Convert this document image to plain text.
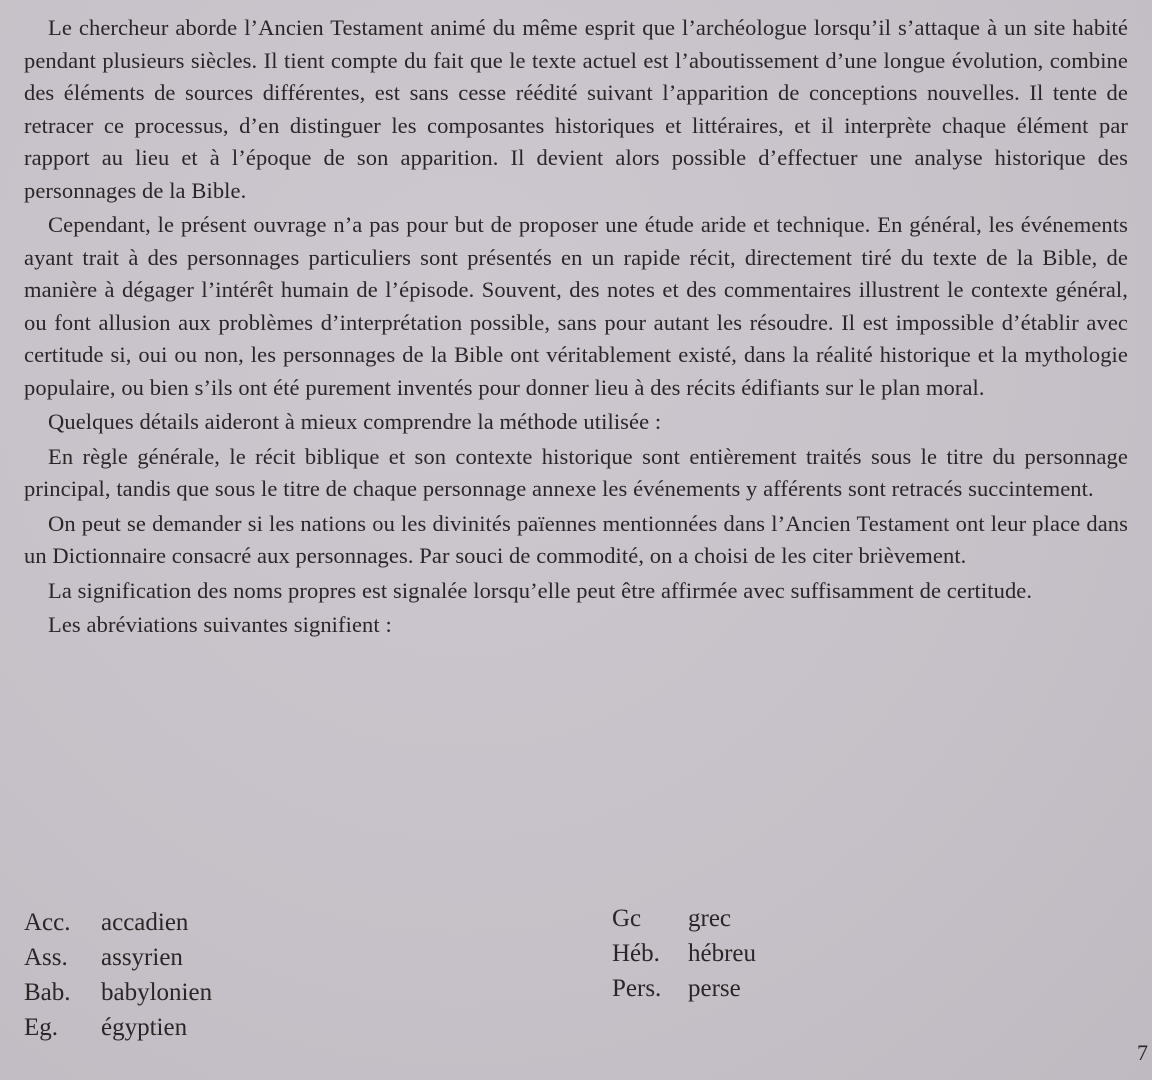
Le chercheur aborde l’Ancien Testament animé du même esprit que l’archéologue lorsqu’il s’attaque à un site habité pendant plusieurs siècles. Il tient compte du fait que le texte actuel est l’aboutissement d’une longue évolution, combine des éléments de sources différentes, est sans cesse réédité suivant l’apparition de conceptions nouvelles. Il tente de retracer ce processus, d’en distinguer les composantes historiques et littéraires, et il interprète chaque élément par rapport au lieu et à l’époque de son apparition. Il devient alors possible d’effectuer une analyse historique des personnages de la Bible.

Cependant, le présent ouvrage n’a pas pour but de proposer une étude aride et technique. En général, les événements ayant trait à des personnages particuliers sont présentés en un rapide récit, directement tiré du texte de la Bible, de manière à dégager l’intérêt humain de l’épisode. Souvent, des notes et des commentaires illustrent le contexte général, ou font allusion aux problèmes d’interprétation possible, sans pour autant les résoudre. Il est impossible d’établir avec certitude si, oui ou non, les personnages de la Bible ont véritablement existé, dans la réalité historique et la mythologie populaire, ou bien s’ils ont été purement inventés pour donner lieu à des récits édifiants sur le plan moral.

Quelques détails aideront à mieux comprendre la méthode utilisée :

En règle générale, le récit biblique et son contexte historique sont entièrement traités sous le titre du personnage principal, tandis que sous le titre de chaque personnage annexe les événements y afférents sont retracés succintement.

On peut se demander si les nations ou les divinités païennes mentionnées dans l’Ancien Testament ont leur place dans un Dictionnaire consacré aux personnages. Par souci de commodité, on a choisi de les citer brièvement.

La signification des noms propres est signalée lorsqu’elle peut être affirmée avec suffisamment de certitude.

Les abréviations suivantes signifient :

Acc.	accadien
Ass.	assyrien
Bab.	babylonien
Eg.	égyptien
Gc	grec
Héb.	hébreu
Pers.	perse
7
